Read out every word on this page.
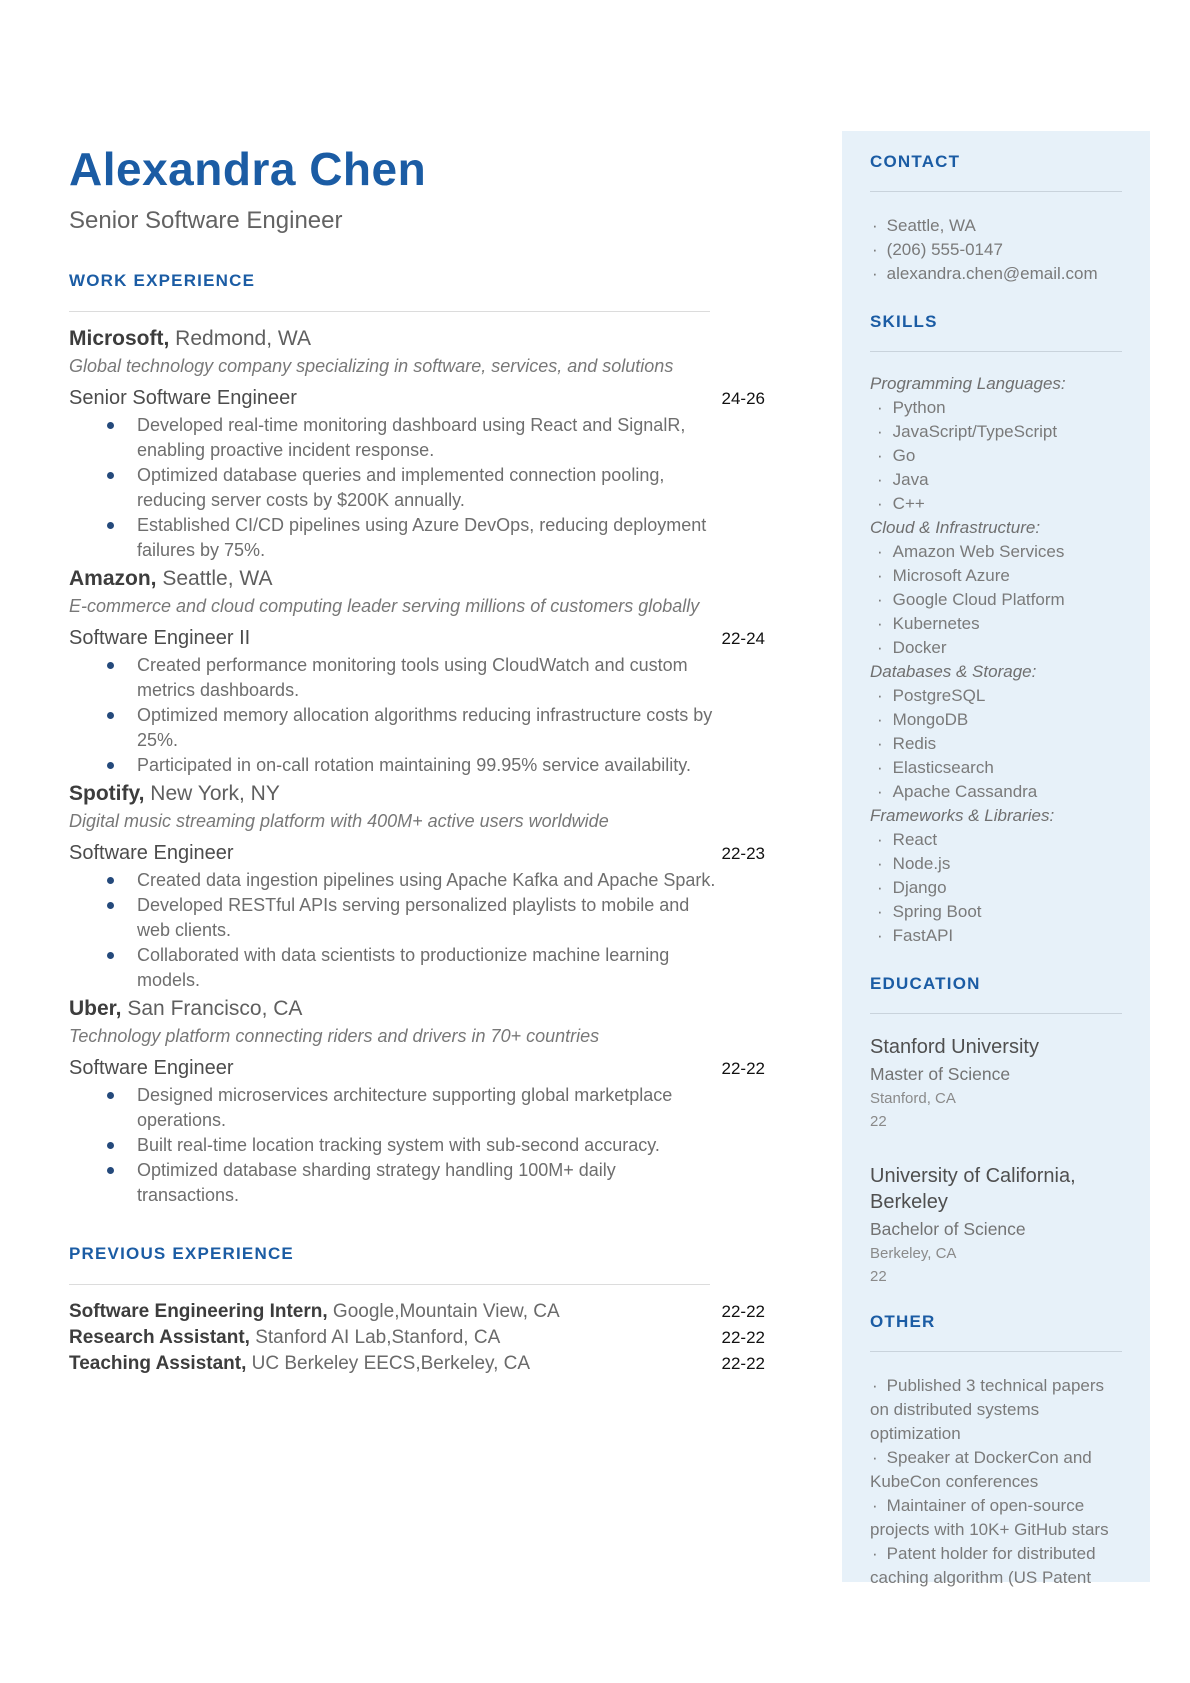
Alexandra Chen
Senior Software Engineer
WORK EXPERIENCE
Microsoft, Redmond, WA
Global technology company specializing in software, services, and solutions
Senior Software Engineer	24-26
Developed real-time monitoring dashboard using React and SignalR, enabling proactive incident response.
Optimized database queries and implemented connection pooling, reducing server costs by $200K annually.
Established CI/CD pipelines using Azure DevOps, reducing deployment failures by 75%.
Amazon, Seattle, WA
E-commerce and cloud computing leader serving millions of customers globally
Software Engineer II	22-24
Created performance monitoring tools using CloudWatch and custom metrics dashboards.
Optimized memory allocation algorithms reducing infrastructure costs by 25%.
Participated in on-call rotation maintaining 99.95% service availability.
Spotify, New York, NY
Digital music streaming platform with 400M+ active users worldwide
Software Engineer	22-23
Created data ingestion pipelines using Apache Kafka and Apache Spark.
Developed RESTful APIs serving personalized playlists to mobile and web clients.
Collaborated with data scientists to productionize machine learning models.
Uber, San Francisco, CA
Technology platform connecting riders and drivers in 70+ countries
Software Engineer	22-22
Designed microservices architecture supporting global marketplace operations.
Built real-time location tracking system with sub-second accuracy.
Optimized database sharding strategy handling 100M+ daily transactions.
PREVIOUS EXPERIENCE
Software Engineering Intern, Google,Mountain View, CA	22-22
Research Assistant, Stanford AI Lab,Stanford, CA	22-22
Teaching Assistant, UC Berkeley EECS,Berkeley, CA	22-22
CONTACT
· Seattle, WA
· (206) 555-0147
· alexandra.chen@email.com
SKILLS
Programming Languages:
· Python
· JavaScript/TypeScript
· Go
· Java
· C++
Cloud & Infrastructure:
· Amazon Web Services
· Microsoft Azure
· Google Cloud Platform
· Kubernetes
· Docker
Databases & Storage:
· PostgreSQL
· MongoDB
· Redis
· Elasticsearch
· Apache Cassandra
Frameworks & Libraries:
· React
· Node.js
· Django
· Spring Boot
· FastAPI
EDUCATION
Stanford University
Master of Science
Stanford, CA
22
University of California, Berkeley
Bachelor of Science
Berkeley, CA
22
OTHER
· Published 3 technical papers on distributed systems optimization
· Speaker at DockerCon and KubeCon conferences
· Maintainer of open-source projects with 10K+ GitHub stars
· Patent holder for distributed caching algorithm (US Patent
